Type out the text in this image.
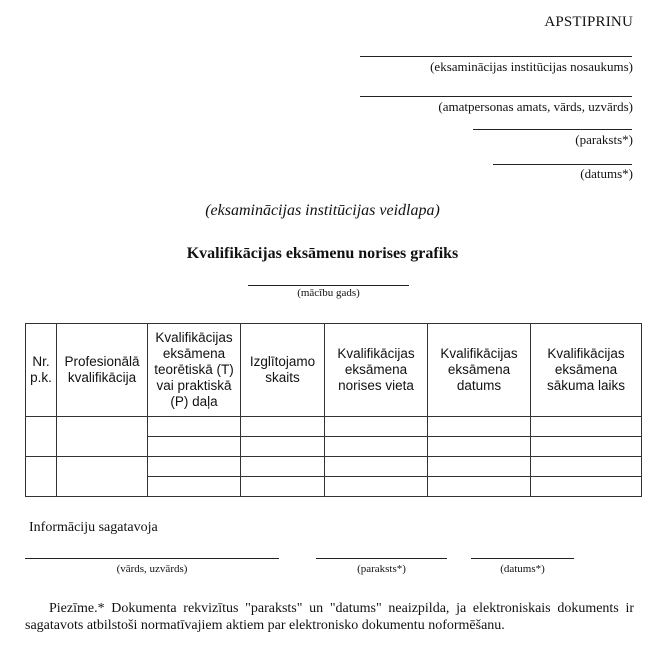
APSTIPRINU
(eksaminācijas institūcijas nosaukums)
(amatpersonas amats, vārds, uzvārds)
(paraksts*)
(datums*)
(eksaminācijas institūcijas veidlapa)
Kvalifikācijas eksāmenu norises grafiks
(mācību gads)
Nr. p.k.	Profesionālā kvalifikācija	Kvalifikācijas eksāmena teorētiskā (T) vai praktiskā (P) daļa	Izglītojamo skaits	Kvalifikācijas eksāmena norises vieta	Kvalifikācijas eksāmena datums	Kvalifikācijas eksāmena sākuma laiks

Informāciju sagatavoja
(vārds, uzvārds)	(paraksts*)	(datums*)
Piezīme.* Dokumenta rekvizītus "paraksts" un "datums" neaizpilda, ja elektroniskais dokuments ir sagatavots atbilstoši normatīvajiem aktiem par elektronisko dokumentu noformēšanu.
